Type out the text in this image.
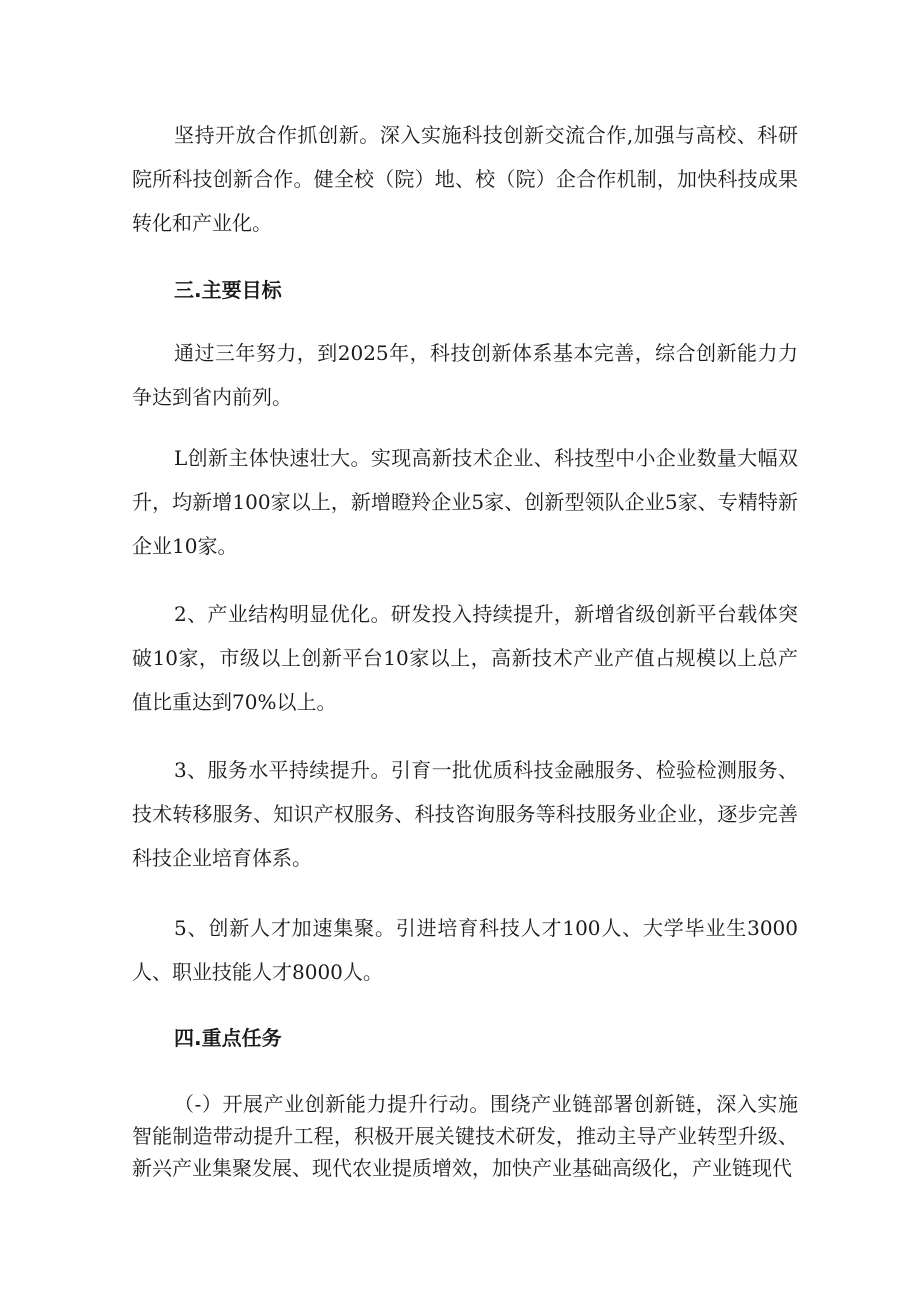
坚持开放合作抓创新。深入实施科技创新交流合作,加强与高校、科研院所科技创新合作。健全校（院）地、校（院）企合作机制，加快科技成果转化和产业化。

三.主要目标

通过三年努力，到2025年，科技创新体系基本完善，综合创新能力力争达到省内前列。

L创新主体快速壮大。实现高新技术企业、科技型中小企业数量大幅双升，均新增100家以上，新增瞪羚企业5家、创新型领队企业5家、专精特新企业10家。

2、产业结构明显优化。研发投入持续提升，新增省级创新平台载体突破10家，市级以上创新平台10家以上，高新技术产业产值占规模以上总产值比重达到70%以上。

3、服务水平持续提升。引育一批优质科技金融服务、检验检测服务、技术转移服务、知识产权服务、科技咨询服务等科技服务业企业，逐步完善科技企业培育体系。

5、创新人才加速集聚。引进培育科技人才100人、大学毕业生3000人、职业技能人才8000人。

四.重点任务

（-）开展产业创新能力提升行动。围绕产业链部署创新链，深入实施智能制造带动提升工程，积极开展关键技术研发，推动主导产业转型升级、新兴产业集聚发展、现代农业提质增效，加快产业基础高级化，产业链现代
